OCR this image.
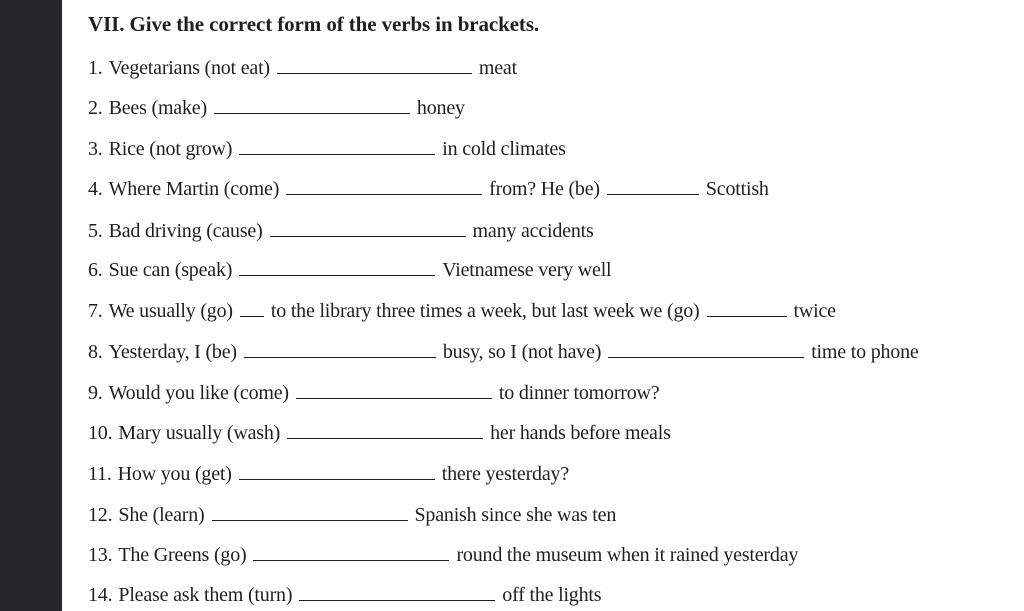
VII. Give the correct form of the verbs in brackets.
1. Vegetarians (not eat)	meat
2. Bees (make)	honey
3. Rice (not grow)	in cold climates
4. Where Martin (come)	from? He (be)	Scottish
5. Bad driving (cause)	many accidents
6. Sue can (speak)	Vietnamese very well
7. We usually (go) to the library three times a week, but last week we (go)	twice
8. Yesterday, I (be)	busy, so I (not have)	time to phone
9. Would you like (come)	to dinner tomorrow?
10. Mary usually (wash)	her hands before meals
11. How you (get)	there yesterday?
12. She (learn)	Spanish since she was ten
13. The Greens (go)	round the museum when it rained yesterday
14. Please ask them (turn)	off the lights
